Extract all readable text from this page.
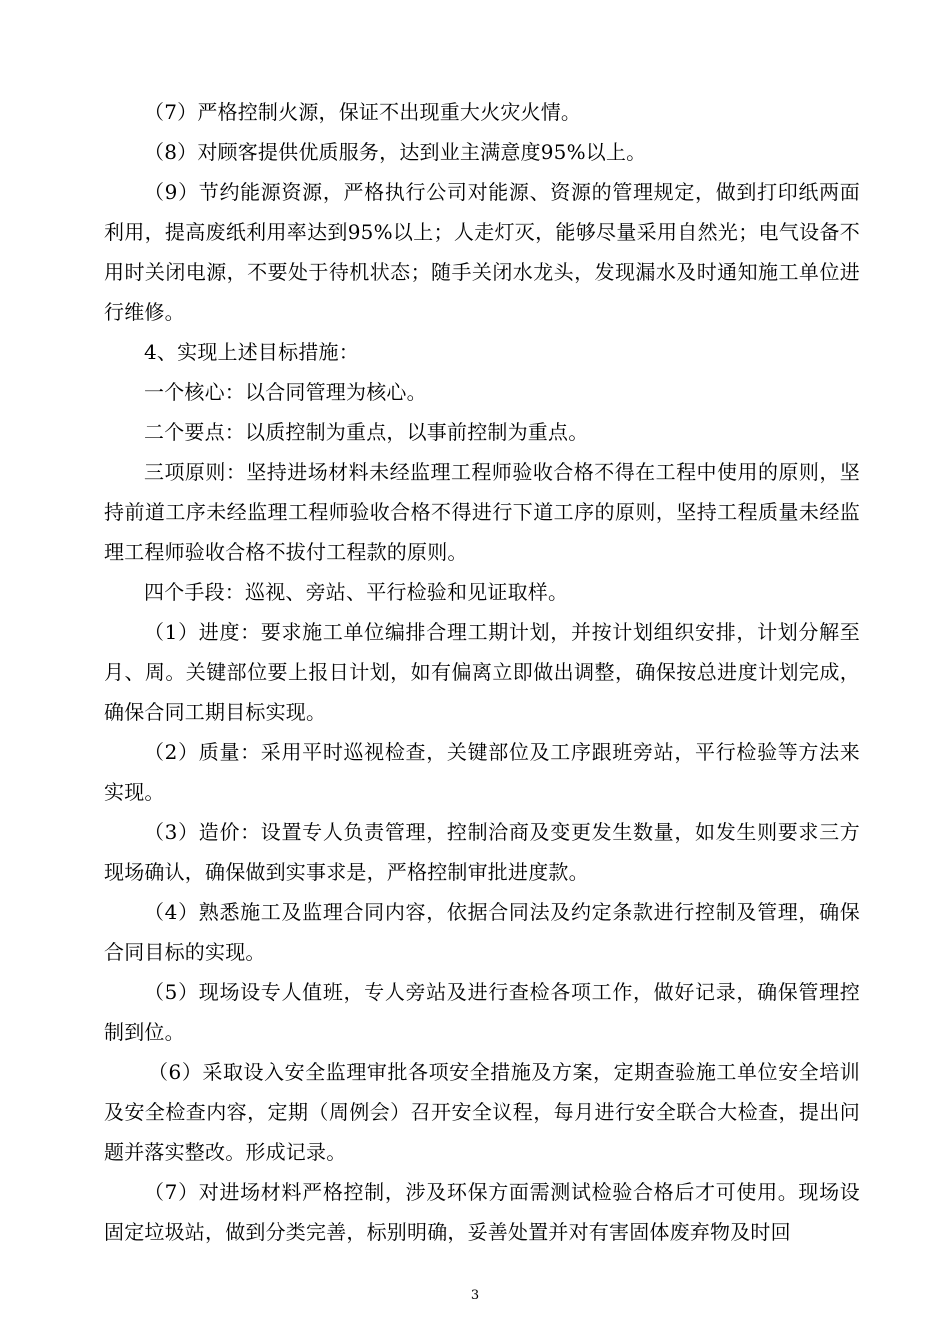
（7）严格控制火源，保证不出现重大火灾火情。

（8）对顾客提供优质服务，达到业主满意度95%以上。

（9）节约能源资源，严格执行公司对能源、资源的管理规定，做到打印纸两面利用，提高废纸利用率达到95%以上；人走灯灭，能够尽量采用自然光；电气设备不用时关闭电源，不要处于待机状态；随手关闭水龙头，发现漏水及时通知施工单位进行维修。

4、实现上述目标措施：

一个核心：以合同管理为核心。

二个要点：以质控制为重点，以事前控制为重点。

三项原则：坚持进场材料未经监理工程师验收合格不得在工程中使用的原则，坚持前道工序未经监理工程师验收合格不得进行下道工序的原则，坚持工程质量未经监理工程师验收合格不拔付工程款的原则。

四个手段：巡视、旁站、平行检验和见证取样。

（1）进度：要求施工单位编排合理工期计划，并按计划组织安排，计划分解至月、周。关键部位要上报日计划，如有偏离立即做出调整，确保按总进度计划完成，确保合同工期目标实现。

（2）质量：采用平时巡视检查，关键部位及工序跟班旁站，平行检验等方法来实现。

（3）造价：设置专人负责管理，控制洽商及变更发生数量，如发生则要求三方现场确认，确保做到实事求是，严格控制审批进度款。

（4）熟悉施工及监理合同内容，依据合同法及约定条款进行控制及管理，确保合同目标的实现。

（5）现场设专人值班，专人旁站及进行查检各项工作，做好记录，确保管理控制到位。

（6）采取设入安全监理审批各项安全措施及方案，定期查验施工单位安全培训及安全检查内容，定期（周例会）召开安全议程，每月进行安全联合大检查，提出问题并落实整改。形成记录。

（7）对进场材料严格控制，涉及环保方面需测试检验合格后才可使用。现场设固定垃圾站，做到分类完善，标别明确，妥善处置并对有害固体废弃物及时回

3
